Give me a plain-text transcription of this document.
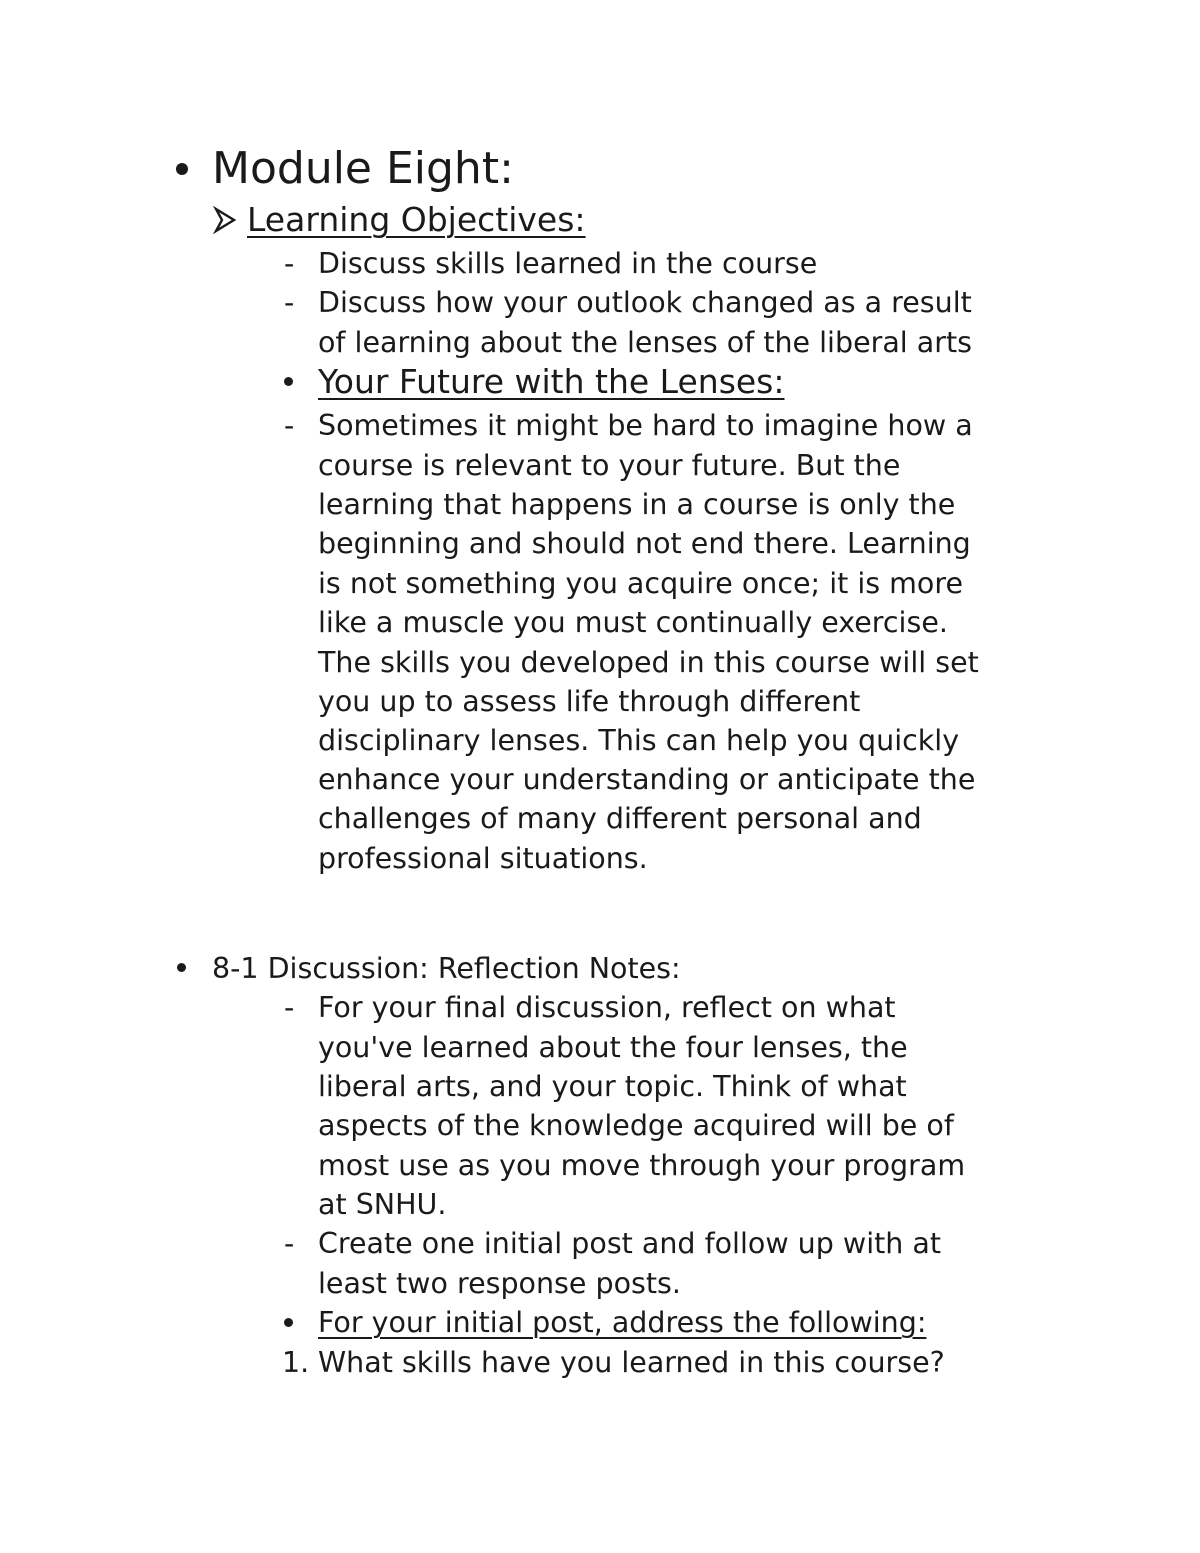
Module Eight:
Learning Objectives:
- Discuss skills learned in the course
- Discuss how your outlook changed as a result
of learning about the lenses of the liberal arts
Your Future with the Lenses:
- Sometimes it might be hard to imagine how a
course is relevant to your future. But the
learning that happens in a course is only the
beginning and should not end there. Learning
is not something you acquire once; it is more
like a muscle you must continually exercise.
The skills you developed in this course will set
you up to assess life through different
disciplinary lenses. This can help you quickly
enhance your understanding or anticipate the
challenges of many different personal and
professional situations.
8-1 Discussion: Reflection Notes:
- For your final discussion, reflect on what
you've learned about the four lenses, the
liberal arts, and your topic. Think of what
aspects of the knowledge acquired will be of
most use as you move through your program
at SNHU.
- Create one initial post and follow up with at
least two response posts.
For your initial post, address the following:
1. What skills have you learned in this course?
